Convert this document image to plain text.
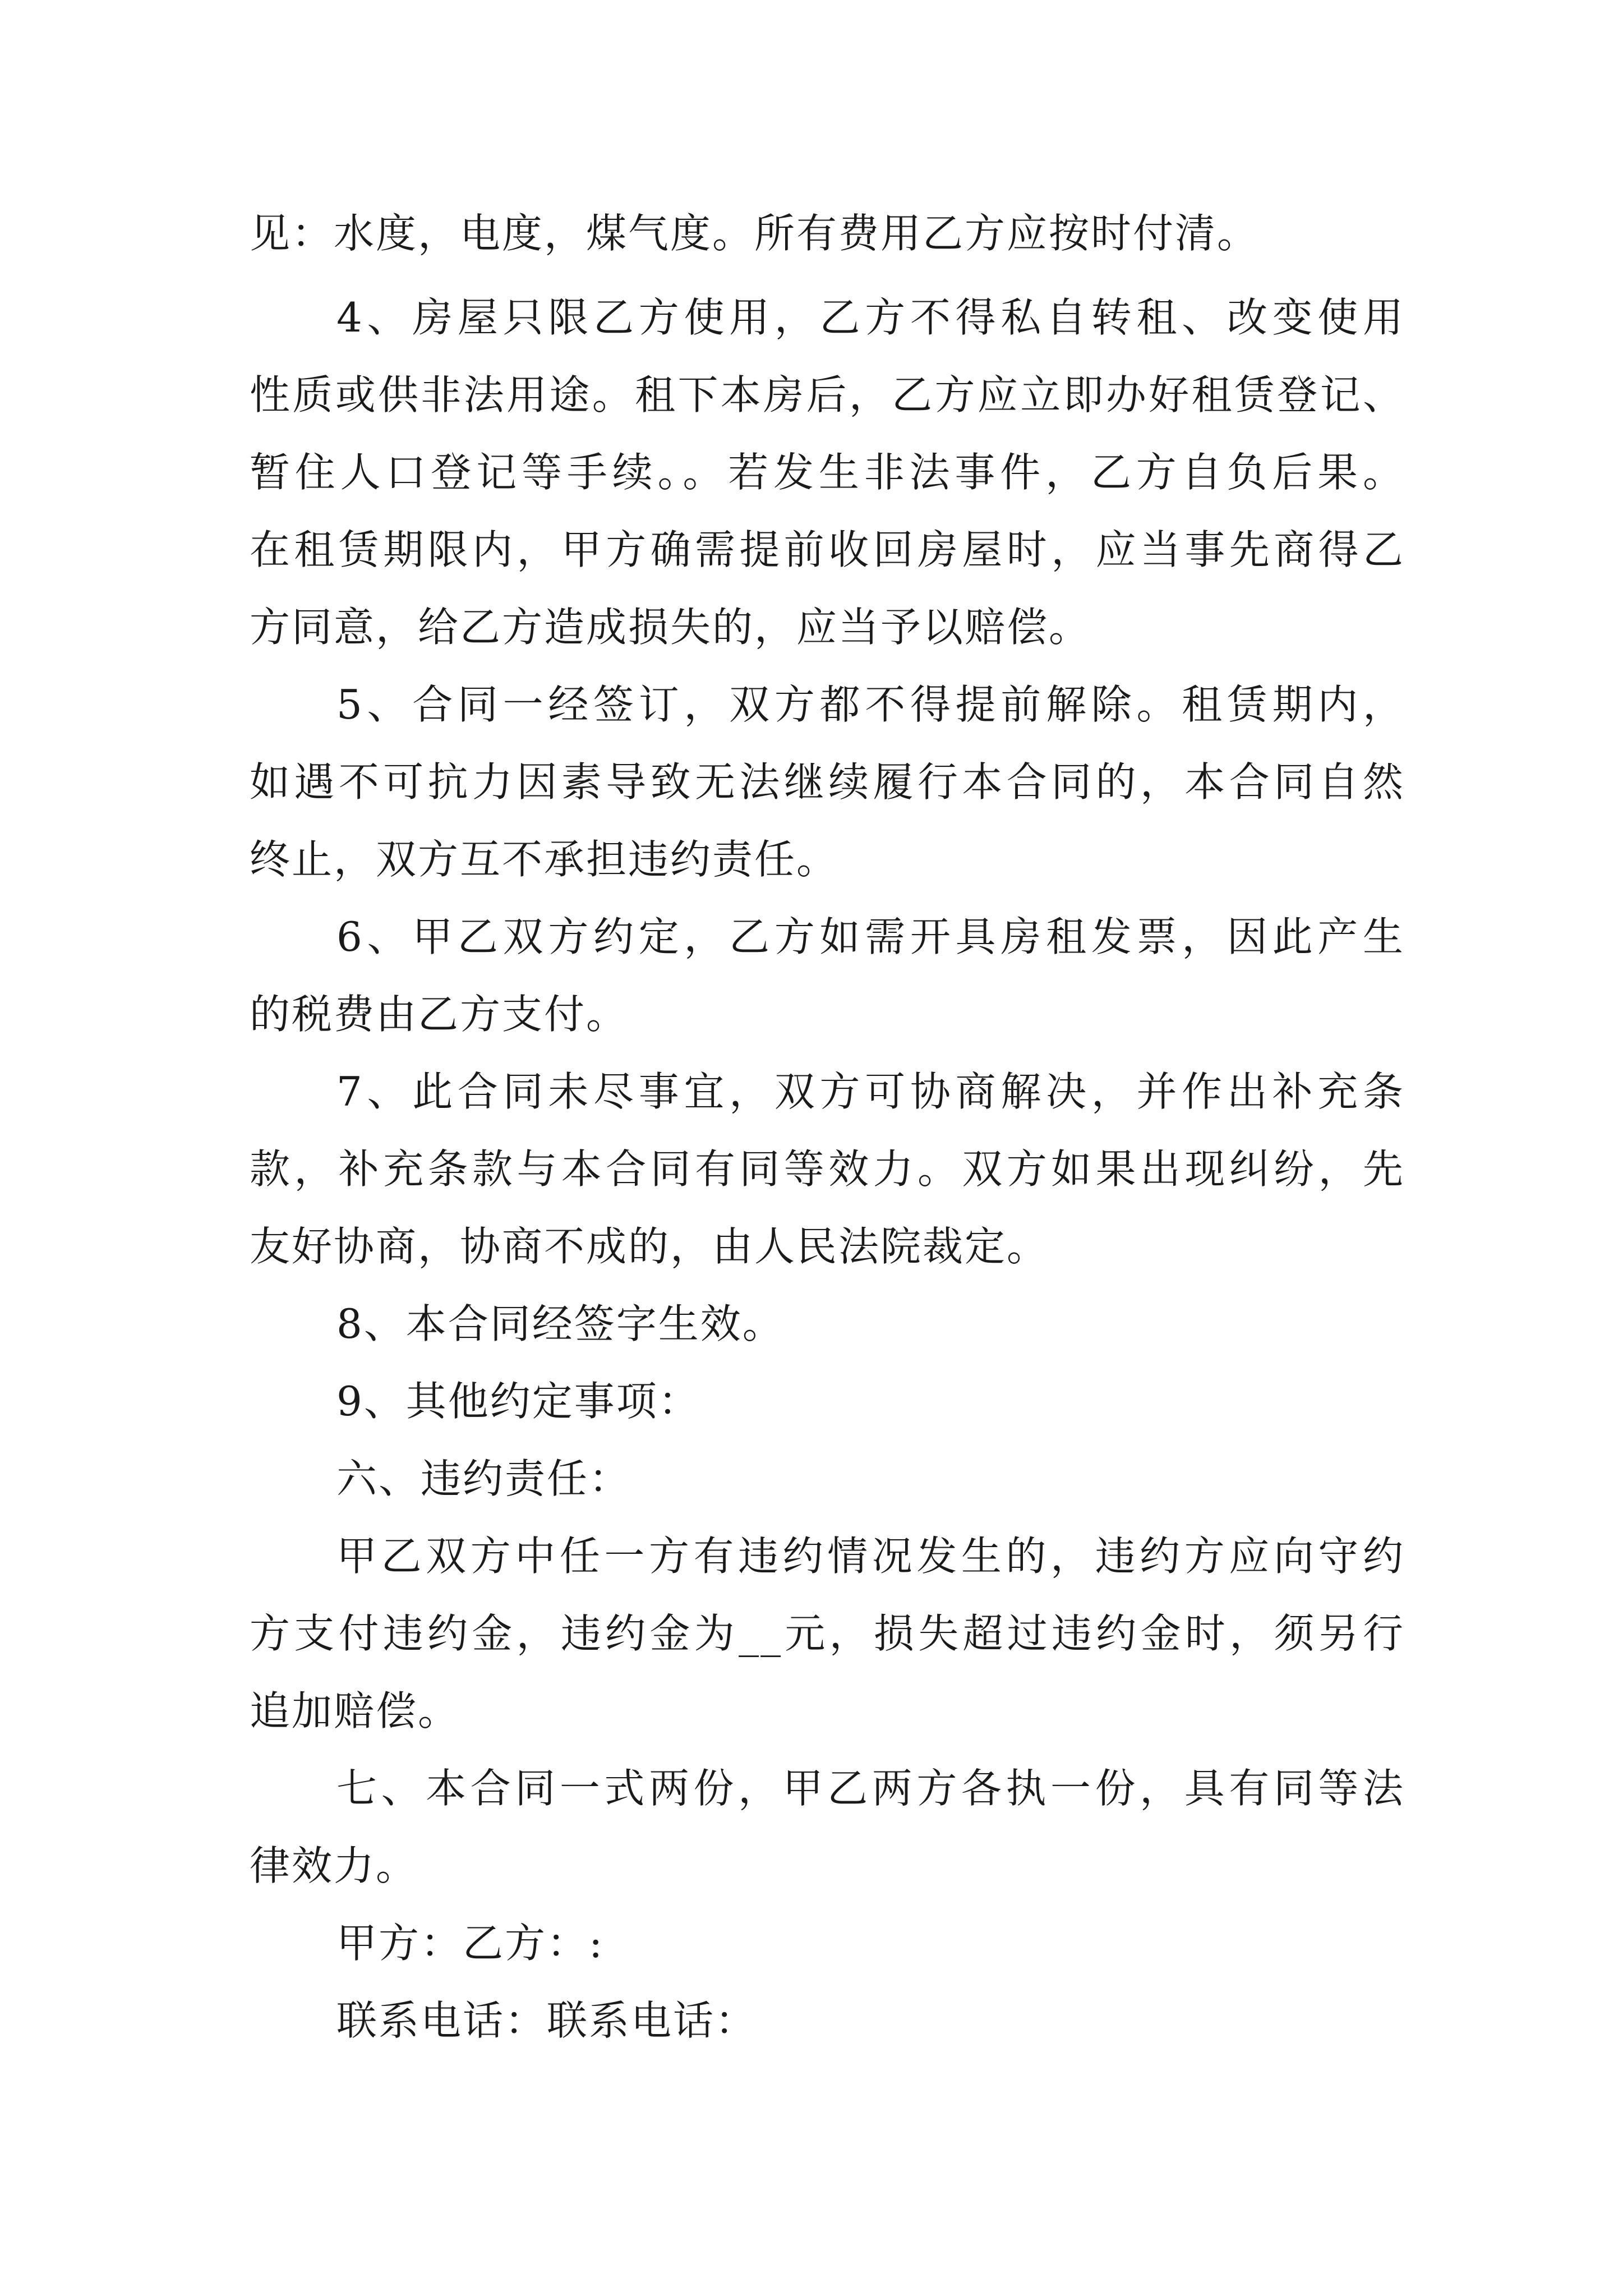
见：水度，电度，煤气度。所有费用乙方应按时付清。
4、房屋只限乙方使用，乙方不得私自转租、改变使用
性质或供非法用途。租下本房后，乙方应立即办好租赁登记、
暂住人口登记等手续。。若发生非法事件，乙方自负后果。
在租赁期限内，甲方确需提前收回房屋时，应当事先商得乙
方同意，给乙方造成损失的，应当予以赔偿。
5、合同一经签订，双方都不得提前解除。租赁期内，
如遇不可抗力因素导致无法继续履行本合同的，本合同自然
终止，双方互不承担违约责任。
6、甲乙双方约定，乙方如需开具房租发票，因此产生
的税费由乙方支付。
7、此合同未尽事宜，双方可协商解决，并作出补充条
款，补充条款与本合同有同等效力。双方如果出现纠纷，先
友好协商，协商不成的，由人民法院裁定。
8、本合同经签字生效。
9、其他约定事项：
六、违约责任：
甲乙双方中任一方有违约情况发生的，违约方应向守约
方支付违约金，违约金为__元，损失超过违约金时，须另行
追加赔偿。
七、本合同一式两份，甲乙两方各执一份，具有同等法
律效力。
甲方：乙方：:
联系电话：联系电话：
